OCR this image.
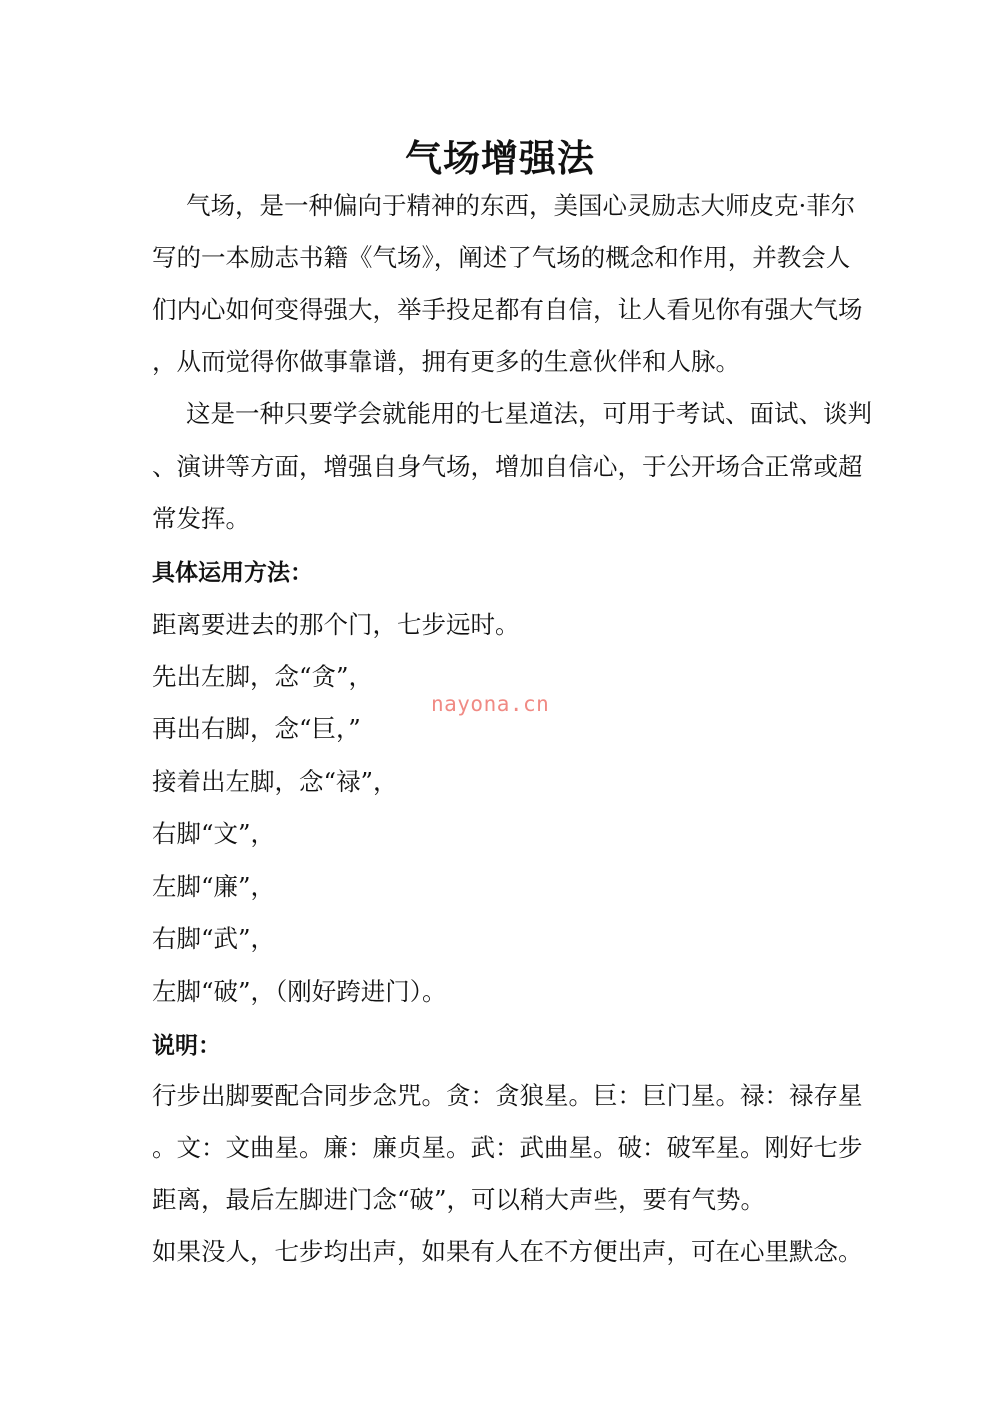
气场增强法
气场，是一种偏向于精神的东西，美国心灵励志大师皮克·菲尔
写的一本励志书籍《气场》，阐述了气场的概念和作用，并教会人
们内心如何变得强大，举手投足都有自信，让人看见你有强大气场
，从而觉得你做事靠谱，拥有更多的生意伙伴和人脉。
这是一种只要学会就能用的七星道法，可用于考试、面试、谈判
、演讲等方面，增强自身气场，增加自信心，于公开场合正常或超
常发挥。
具体运用方法：
距离要进去的那个门，七步远时。
先出左脚，念“贪”，
再出右脚，念“巨，”
接着出左脚，念“禄”，
右脚“文”，
左脚“廉”，
右脚“武”，
左脚“破”，（刚好跨进门）。
说明：
行步出脚要配合同步念咒。贪：贪狼星。巨：巨门星。禄：禄存星
。文：文曲星。廉：廉贞星。武：武曲星。破：破军星。刚好七步
距离，最后左脚进门念“破”，可以稍大声些，要有气势。
如果没人，七步均出声，如果有人在不方便出声，可在心里默念。
nayona.cn
